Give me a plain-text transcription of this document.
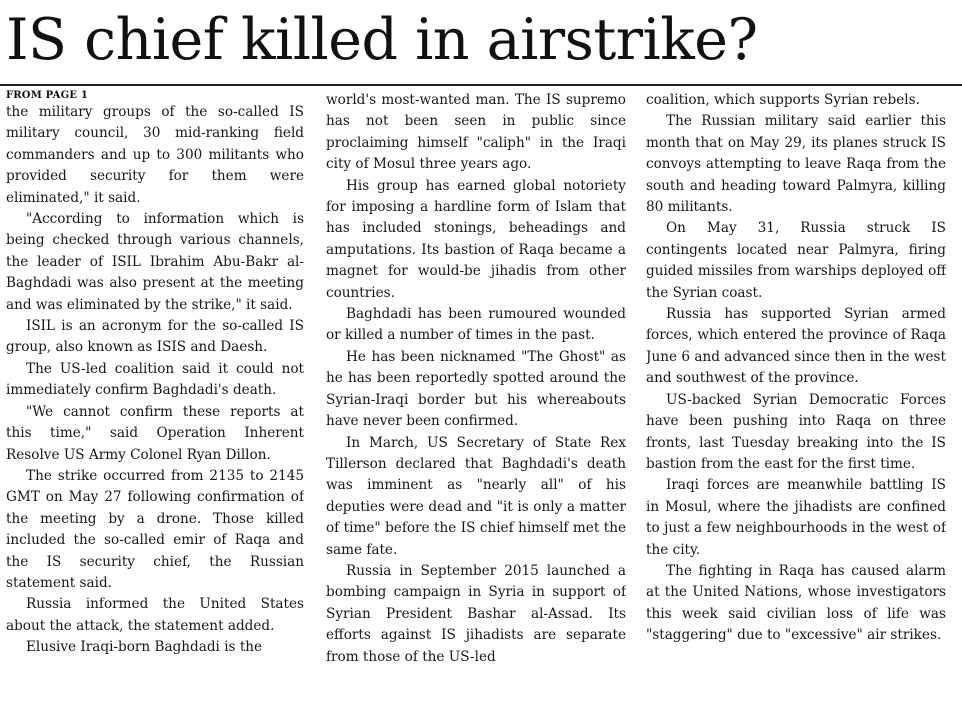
IS chief killed in airstrike?
FROM PAGE 1

the military groups of the so-called IS military council, 30 mid-ranking field commanders and up to 300 militants who provided security for them were eliminated," it said.

"According to information which is being checked through various channels, the leader of ISIL Ibrahim Abu-Bakr al-Baghdadi was also present at the meeting and was eliminated by the strike," it said.

ISIL is an acronym for the so-called IS group, also known as ISIS and Daesh.

The US-led coalition said it could not immediately confirm Baghdadi's death.

"We cannot confirm these reports at this time," said Operation Inherent Resolve US Army Colonel Ryan Dillon.

The strike occurred from 2135 to 2145 GMT on May 27 following confirmation of the meeting by a drone. Those killed included the so-called emir of Raqa and the IS security chief, the Russian statement said.

Russia informed the United States about the attack, the statement added.

Elusive Iraqi-born Baghdadi is the

world's most-wanted man. The IS supremo has not been seen in public since proclaiming himself "caliph" in the Iraqi city of Mosul three years ago.

His group has earned global notoriety for imposing a hardline form of Islam that has included stonings, beheadings and amputations. Its bastion of Raqa became a magnet for would-be jihadis from other countries.

Baghdadi has been rumoured wounded or killed a number of times in the past.

He has been nicknamed "The Ghost" as he has been reportedly spotted around the Syrian-Iraqi border but his whereabouts have never been confirmed.

In March, US Secretary of State Rex Tillerson declared that Baghdadi's death was imminent as "nearly all" of his deputies were dead and "it is only a matter of time" before the IS chief himself met the same fate.

Russia in September 2015 launched a bombing campaign in Syria in support of Syrian President Bashar al-Assad. Its efforts against IS jihadists are separate from those of the US-led

coalition, which supports Syrian rebels.

The Russian military said earlier this month that on May 29, its planes struck IS convoys attempting to leave Raqa from the south and heading toward Palmyra, killing 80 militants.

On May 31, Russia struck IS contingents located near Palmyra, firing guided missiles from warships deployed off the Syrian coast.

Russia has supported Syrian armed forces, which entered the province of Raqa June 6 and advanced since then in the west and southwest of the province.

US-backed Syrian Democratic Forces have been pushing into Raqa on three fronts, last Tuesday breaking into the IS bastion from the east for the first time.

Iraqi forces are meanwhile battling IS in Mosul, where the jihadists are confined to just a few neighbourhoods in the west of the city.

The fighting in Raqa has caused alarm at the United Nations, whose investigators this week said civilian loss of life was "staggering" due to "excessive" air strikes.
